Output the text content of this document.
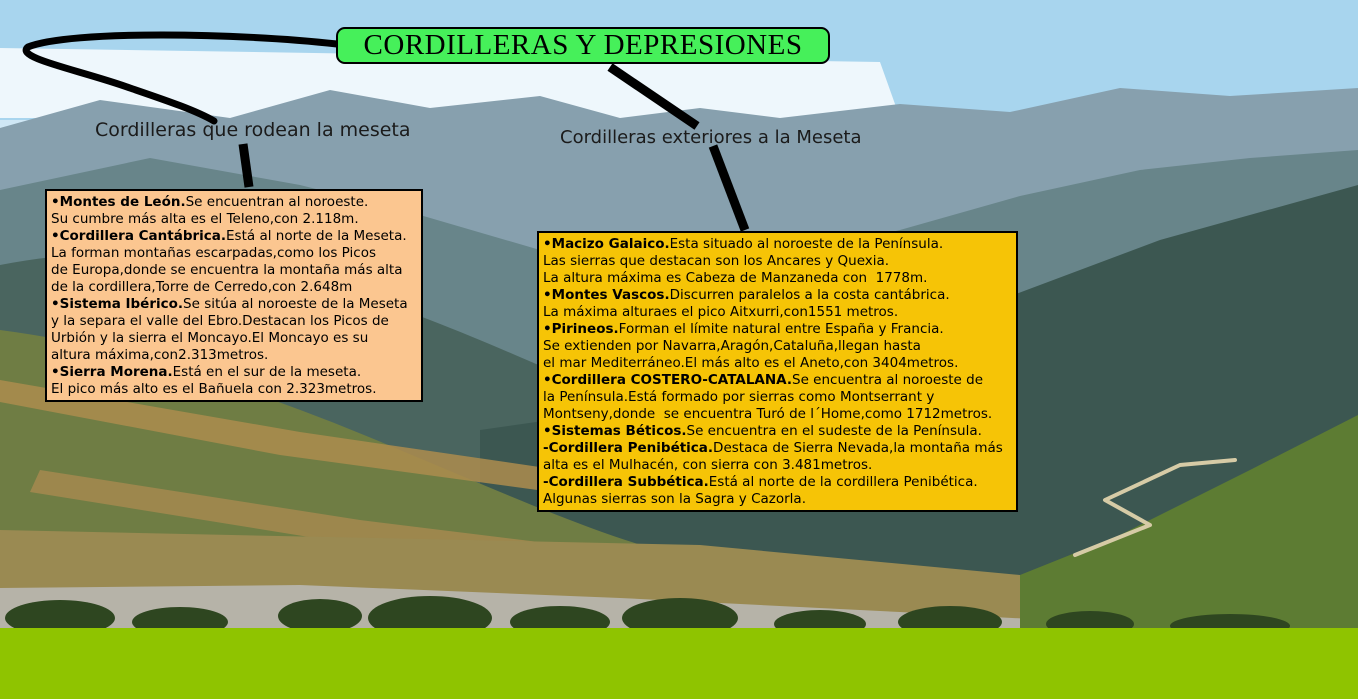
CORDILLERAS Y DEPRESIONES
Cordilleras que rodean la meseta	Cordilleras exteriores a la Meseta
•Montes de León.Se encuentran al noroeste.
Su cumbre más alta es el Teleno,con 2.118m.
•Cordillera Cantábrica.Está al norte de la Meseta.
La forman montañas escarpadas,como los Picos
de Europa,donde se encuentra la montaña más alta
de la cordillera,Torre de Cerredo,con 2.648m
•Sistema Ibérico.Se sitúa al noroeste de la Meseta
y la separa el valle del Ebro.Destacan los Picos de
Urbión y la sierra el Moncayo.El Moncayo es su
altura máxima,con2.313metros.
•Sierra Morena.Está en el sur de la meseta.
El pico más alto es el Bañuela con 2.323metros.
•Macizo Galaico.Esta situado al noroeste de la Península.
Las sierras que destacan son los Ancares y Quexia.
La altura máxima es Cabeza de Manzaneda con  1778m.
•Montes Vascos.Discurren paralelos a la costa cantábrica.
La máxima alturaes el pico Aitxurri,con1551 metros.
•Pirineos.Forman el límite natural entre España y Francia.
Se extienden por Navarra,Aragón,Cataluña,llegan hasta
el mar Mediterráneo.El más alto es el Aneto,con 3404metros.
•Cordillera COSTERO-CATALANA.Se encuentra al noroeste de
la Península.Está formado por sierras como Montserrant y
Montseny,donde  se encuentra Turó de l´Home,como 1712metros.
•Sistemas Béticos.Se encuentra en el sudeste de la Península.
-Cordillera Penibética.Destaca de Sierra Nevada,la montaña más
alta es el Mulhacén, con sierra con 3.481metros.
-Cordillera Subbética.Está al norte de la cordillera Penibética.
Algunas sierras son la Sagra y Cazorla.
